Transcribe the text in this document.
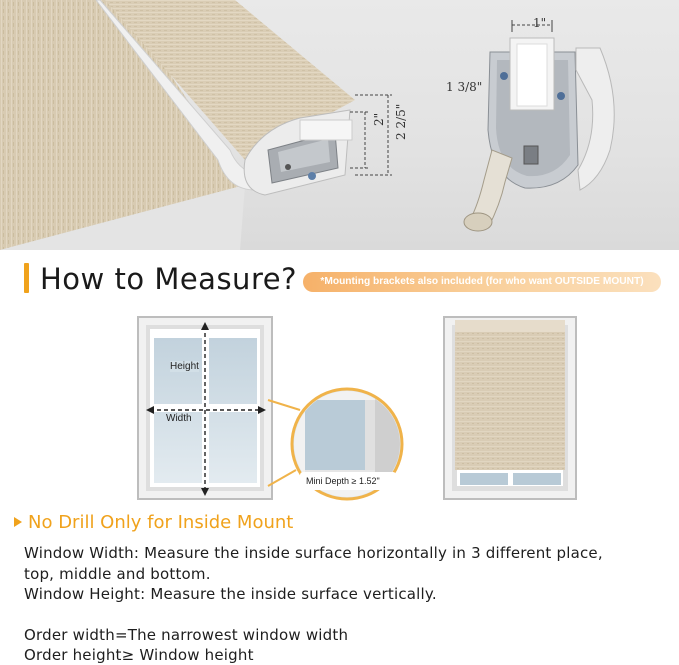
1"
1 3/8"
2" 2 2/5"
How to Measure?	*Mounting brackets also included (for who want OUTSIDE MOUNT)
Height
Width
Mini Depth ≥ 1.52"
No Drill Only for Inside Mount
Window Width: Measure the inside surface horizontally in 3 different place,
top, middle and bottom.
Window Height: Measure the inside surface vertically.
Order width=The narrowest window width
Order height≥ Window height
